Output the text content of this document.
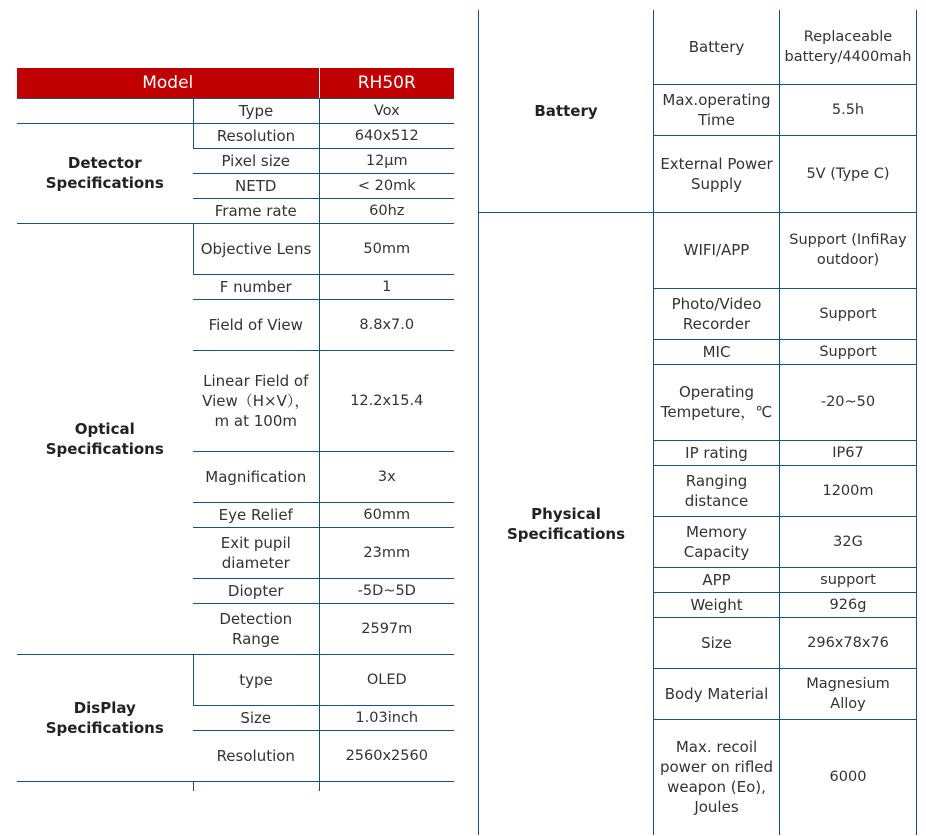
Model		RH50R
	Type	Vox
Detector
Specifications	Resolution	640x512
	Pixel size	12μm
	NETD	< 20mk
	Frame rate	60hz
Optical
Specifications	Objective Lens	50mm
	F number	1
	Field of View	8.8x7.0
	Linear Field of
View（H×V），
m at 100m	12.2x15.4
	Magnification	3x
	Eye Relief	60mm
	Exit pupil
diameter	23mm
	Diopter	-5D~5D
	Detection
Range	2597m
DisPlay
Specifications	type	OLED
	Size	1.03inch
	Resolution	2560x2560

Battery	Battery	Replaceable
battery/4400mah
	Max.operating
Time	5.5h
	External Power
Supply	5V (Type C)
Physical
Specifications	WIFI/APP	Support (InfiRay
outdoor)
	Photo/Video
Recorder	Support
	MIC	Support
	Operating
Tempeture，℃	-20~50
	IP rating	IP67
	Ranging
distance	1200m
	Memory
Capacity	32G
	APP	support
	Weight	926g
	Size	296x78x76
	Body Material	Magnesium
Alloy
	Max. recoil
power on rifled
weapon (Eo),
Joules	6000
